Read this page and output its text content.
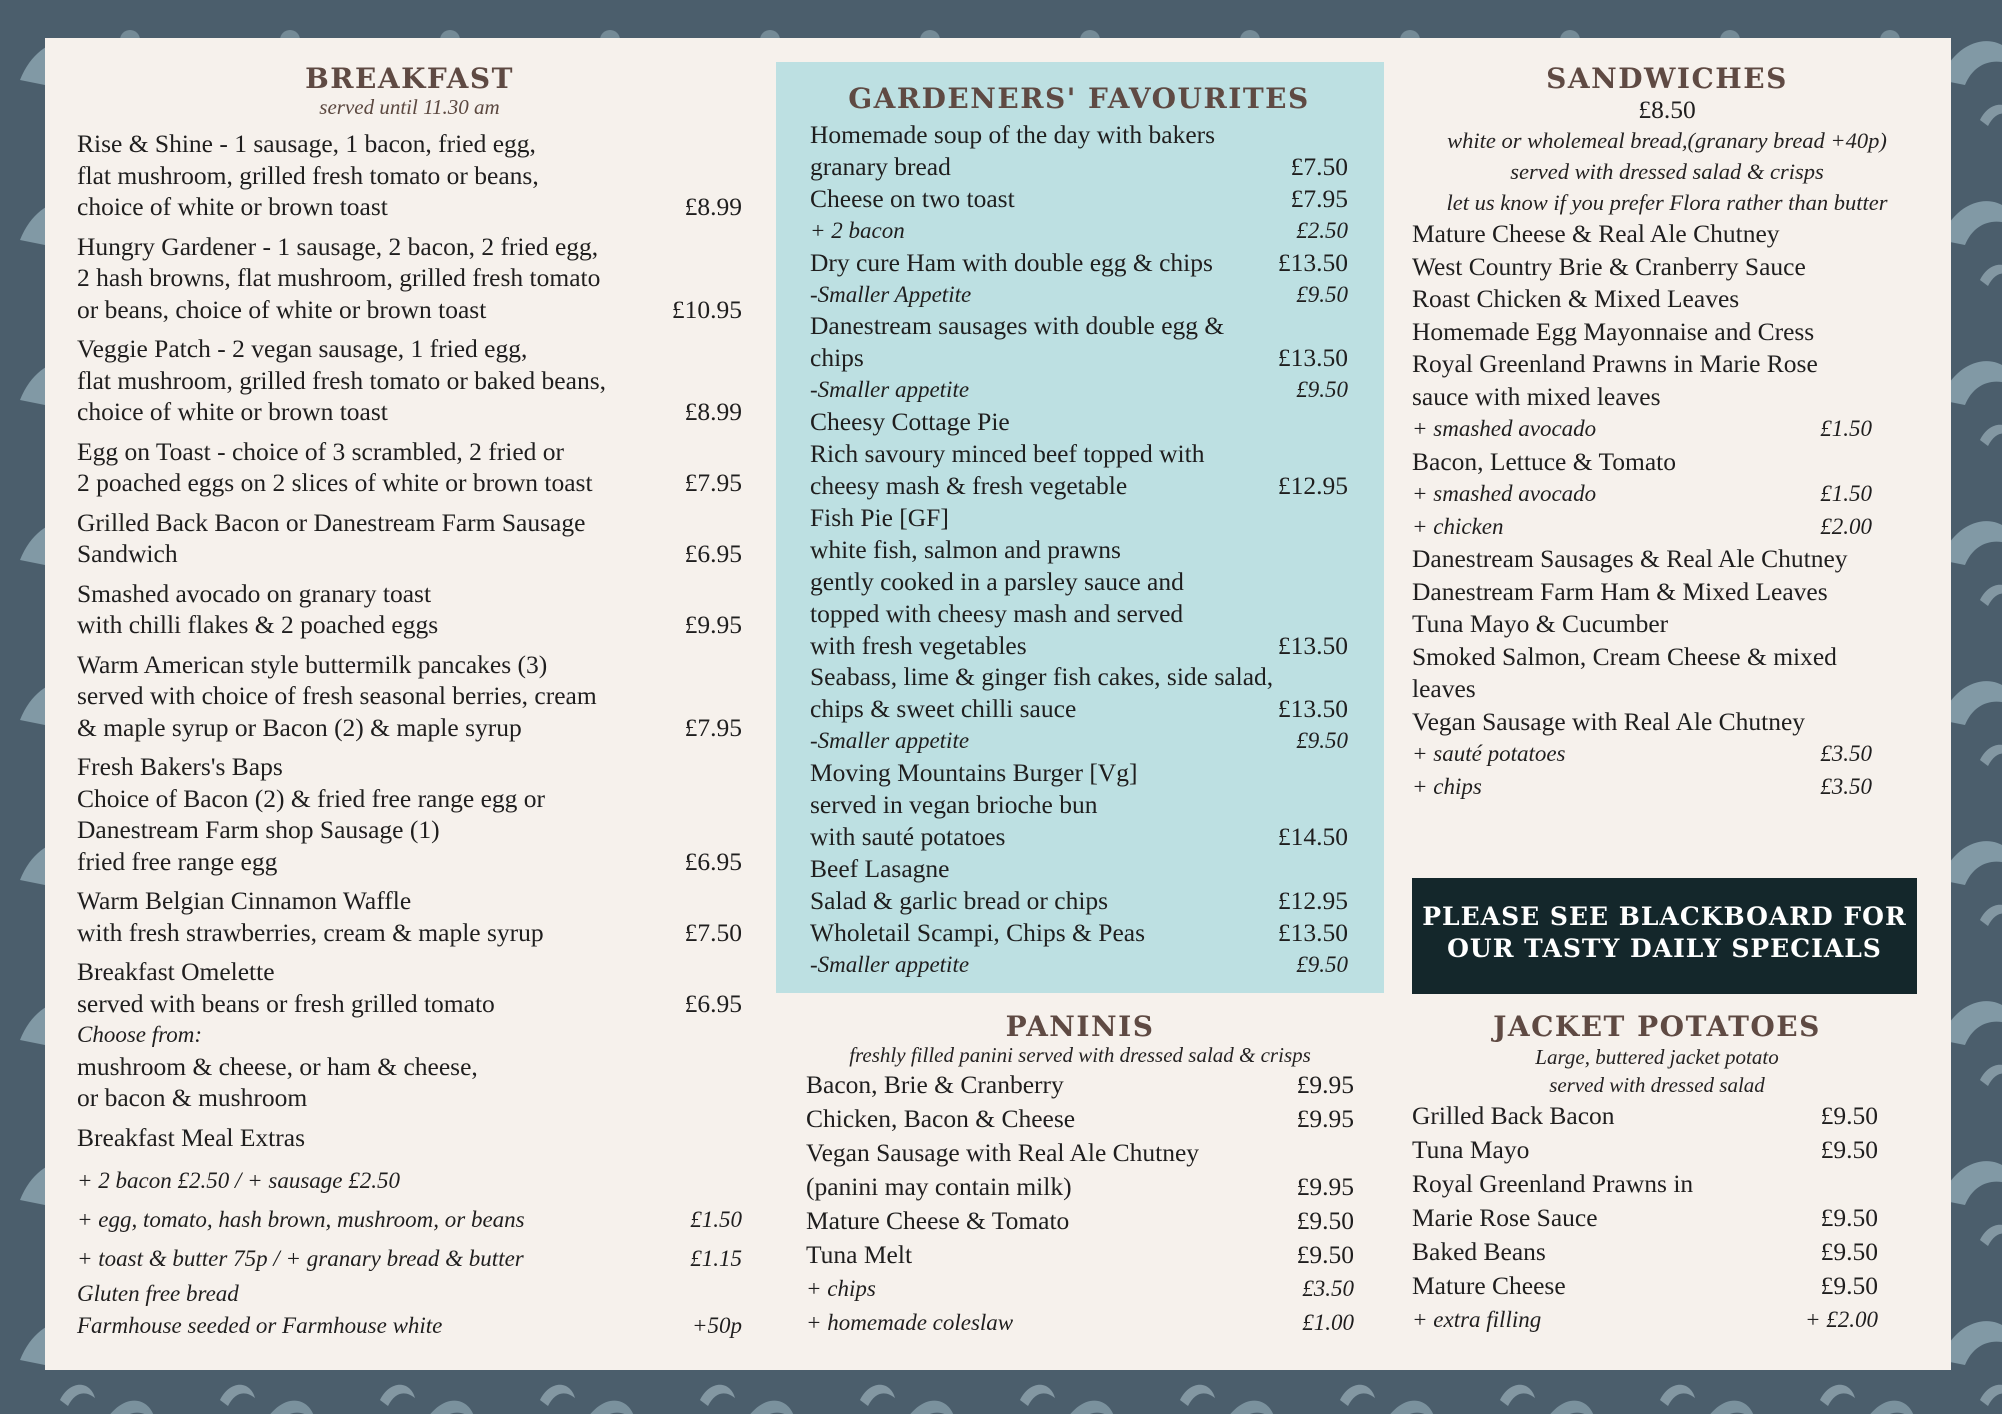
BREAKFAST
served until 11.30 am
Rise & Shine - 1 sausage, 1 bacon, fried egg,
flat mushroom, grilled fresh tomato or beans,
choice of white or brown toast	£8.99
Hungry Gardener - 1 sausage, 2 bacon, 2 fried egg,
2 hash browns, flat mushroom, grilled fresh tomato
or beans, choice of white or brown toast	£10.95
Veggie Patch - 2 vegan sausage, 1 fried egg,
flat mushroom, grilled fresh tomato or baked beans,
choice of white or brown toast	£8.99
Egg on Toast - choice of 3 scrambled, 2 fried or
2 poached eggs on 2 slices of white or brown toast	£7.95
Grilled Back Bacon or Danestream Farm Sausage
Sandwich	£6.95
Smashed avocado on granary toast
with chilli flakes & 2 poached eggs	£9.95
Warm American style buttermilk pancakes (3)
served with choice of fresh seasonal berries, cream
& maple syrup or Bacon (2) & maple syrup	£7.95
Fresh Bakers's Baps
Choice of Bacon (2) & fried free range egg or
Danestream Farm shop Sausage (1)
fried free range egg	£6.95
Warm Belgian Cinnamon Waffle
with fresh strawberries, cream & maple syrup	£7.50
Breakfast Omelette
served with beans or fresh grilled tomato	£6.95
Choose from:
mushroom & cheese, or ham & cheese,
or bacon & mushroom
Breakfast Meal Extras
+ 2 bacon £2.50 / + sausage £2.50
+ egg, tomato, hash brown, mushroom, or beans	£1.50
+ toast & butter 75p / + granary bread & butter	£1.15
Gluten free bread
Farmhouse seeded or Farmhouse white	+50p
GARDENERS' FAVOURITES
Homemade soup of the day with bakers
granary bread	£7.50
Cheese on two toast	£7.95
+ 2 bacon	£2.50
Dry cure Ham with double egg & chips	£13.50
-Smaller Appetite	£9.50
Danestream sausages with double egg &
chips	£13.50
-Smaller appetite	£9.50
Cheesy Cottage Pie
Rich savoury minced beef topped with
cheesy mash & fresh vegetable	£12.95
Fish Pie [GF]
white fish, salmon and prawns
gently cooked in a parsley sauce and
topped with cheesy mash and served
with fresh vegetables	£13.50
Seabass, lime & ginger fish cakes, side salad,
chips & sweet chilli sauce	£13.50
-Smaller appetite	£9.50
Moving Mountains Burger [Vg]
served in vegan brioche bun
with sauté potatoes	£14.50
Beef Lasagne
Salad & garlic bread or chips	£12.95
Wholetail Scampi, Chips & Peas	£13.50
-Smaller appetite	£9.50
PANINIS
freshly filled panini served with dressed salad & crisps
Bacon, Brie & Cranberry	£9.95
Chicken, Bacon & Cheese	£9.95
Vegan Sausage with Real Ale Chutney
(panini may contain milk)	£9.95
Mature Cheese & Tomato	£9.50
Tuna Melt	£9.50
+ chips	£3.50
+ homemade coleslaw	£1.00
SANDWICHES
£8.50
white or wholemeal bread,(granary bread +40p)
served with dressed salad & crisps
let us know if you prefer Flora rather than butter
Mature Cheese & Real Ale Chutney
West Country Brie & Cranberry Sauce
Roast Chicken & Mixed Leaves
Homemade Egg Mayonnaise and Cress
Royal Greenland Prawns in Marie Rose
sauce with mixed leaves
+ smashed avocado	£1.50
Bacon, Lettuce & Tomato
+ smashed avocado	£1.50
+ chicken	£2.00
Danestream Sausages & Real Ale Chutney
Danestream Farm Ham & Mixed Leaves
Tuna Mayo & Cucumber
Smoked Salmon, Cream Cheese & mixed
leaves
Vegan Sausage with Real Ale Chutney
+ sauté potatoes	£3.50
+ chips	£3.50
PLEASE SEE BLACKBOARD FOR
OUR TASTY DAILY SPECIALS
JACKET POTATOES
Large, buttered jacket potato
served with dressed salad
Grilled Back Bacon	£9.50
Tuna Mayo	£9.50
Royal Greenland Prawns in
Marie Rose Sauce	£9.50
Baked Beans	£9.50
Mature Cheese	£9.50
+ extra filling	+ £2.00
